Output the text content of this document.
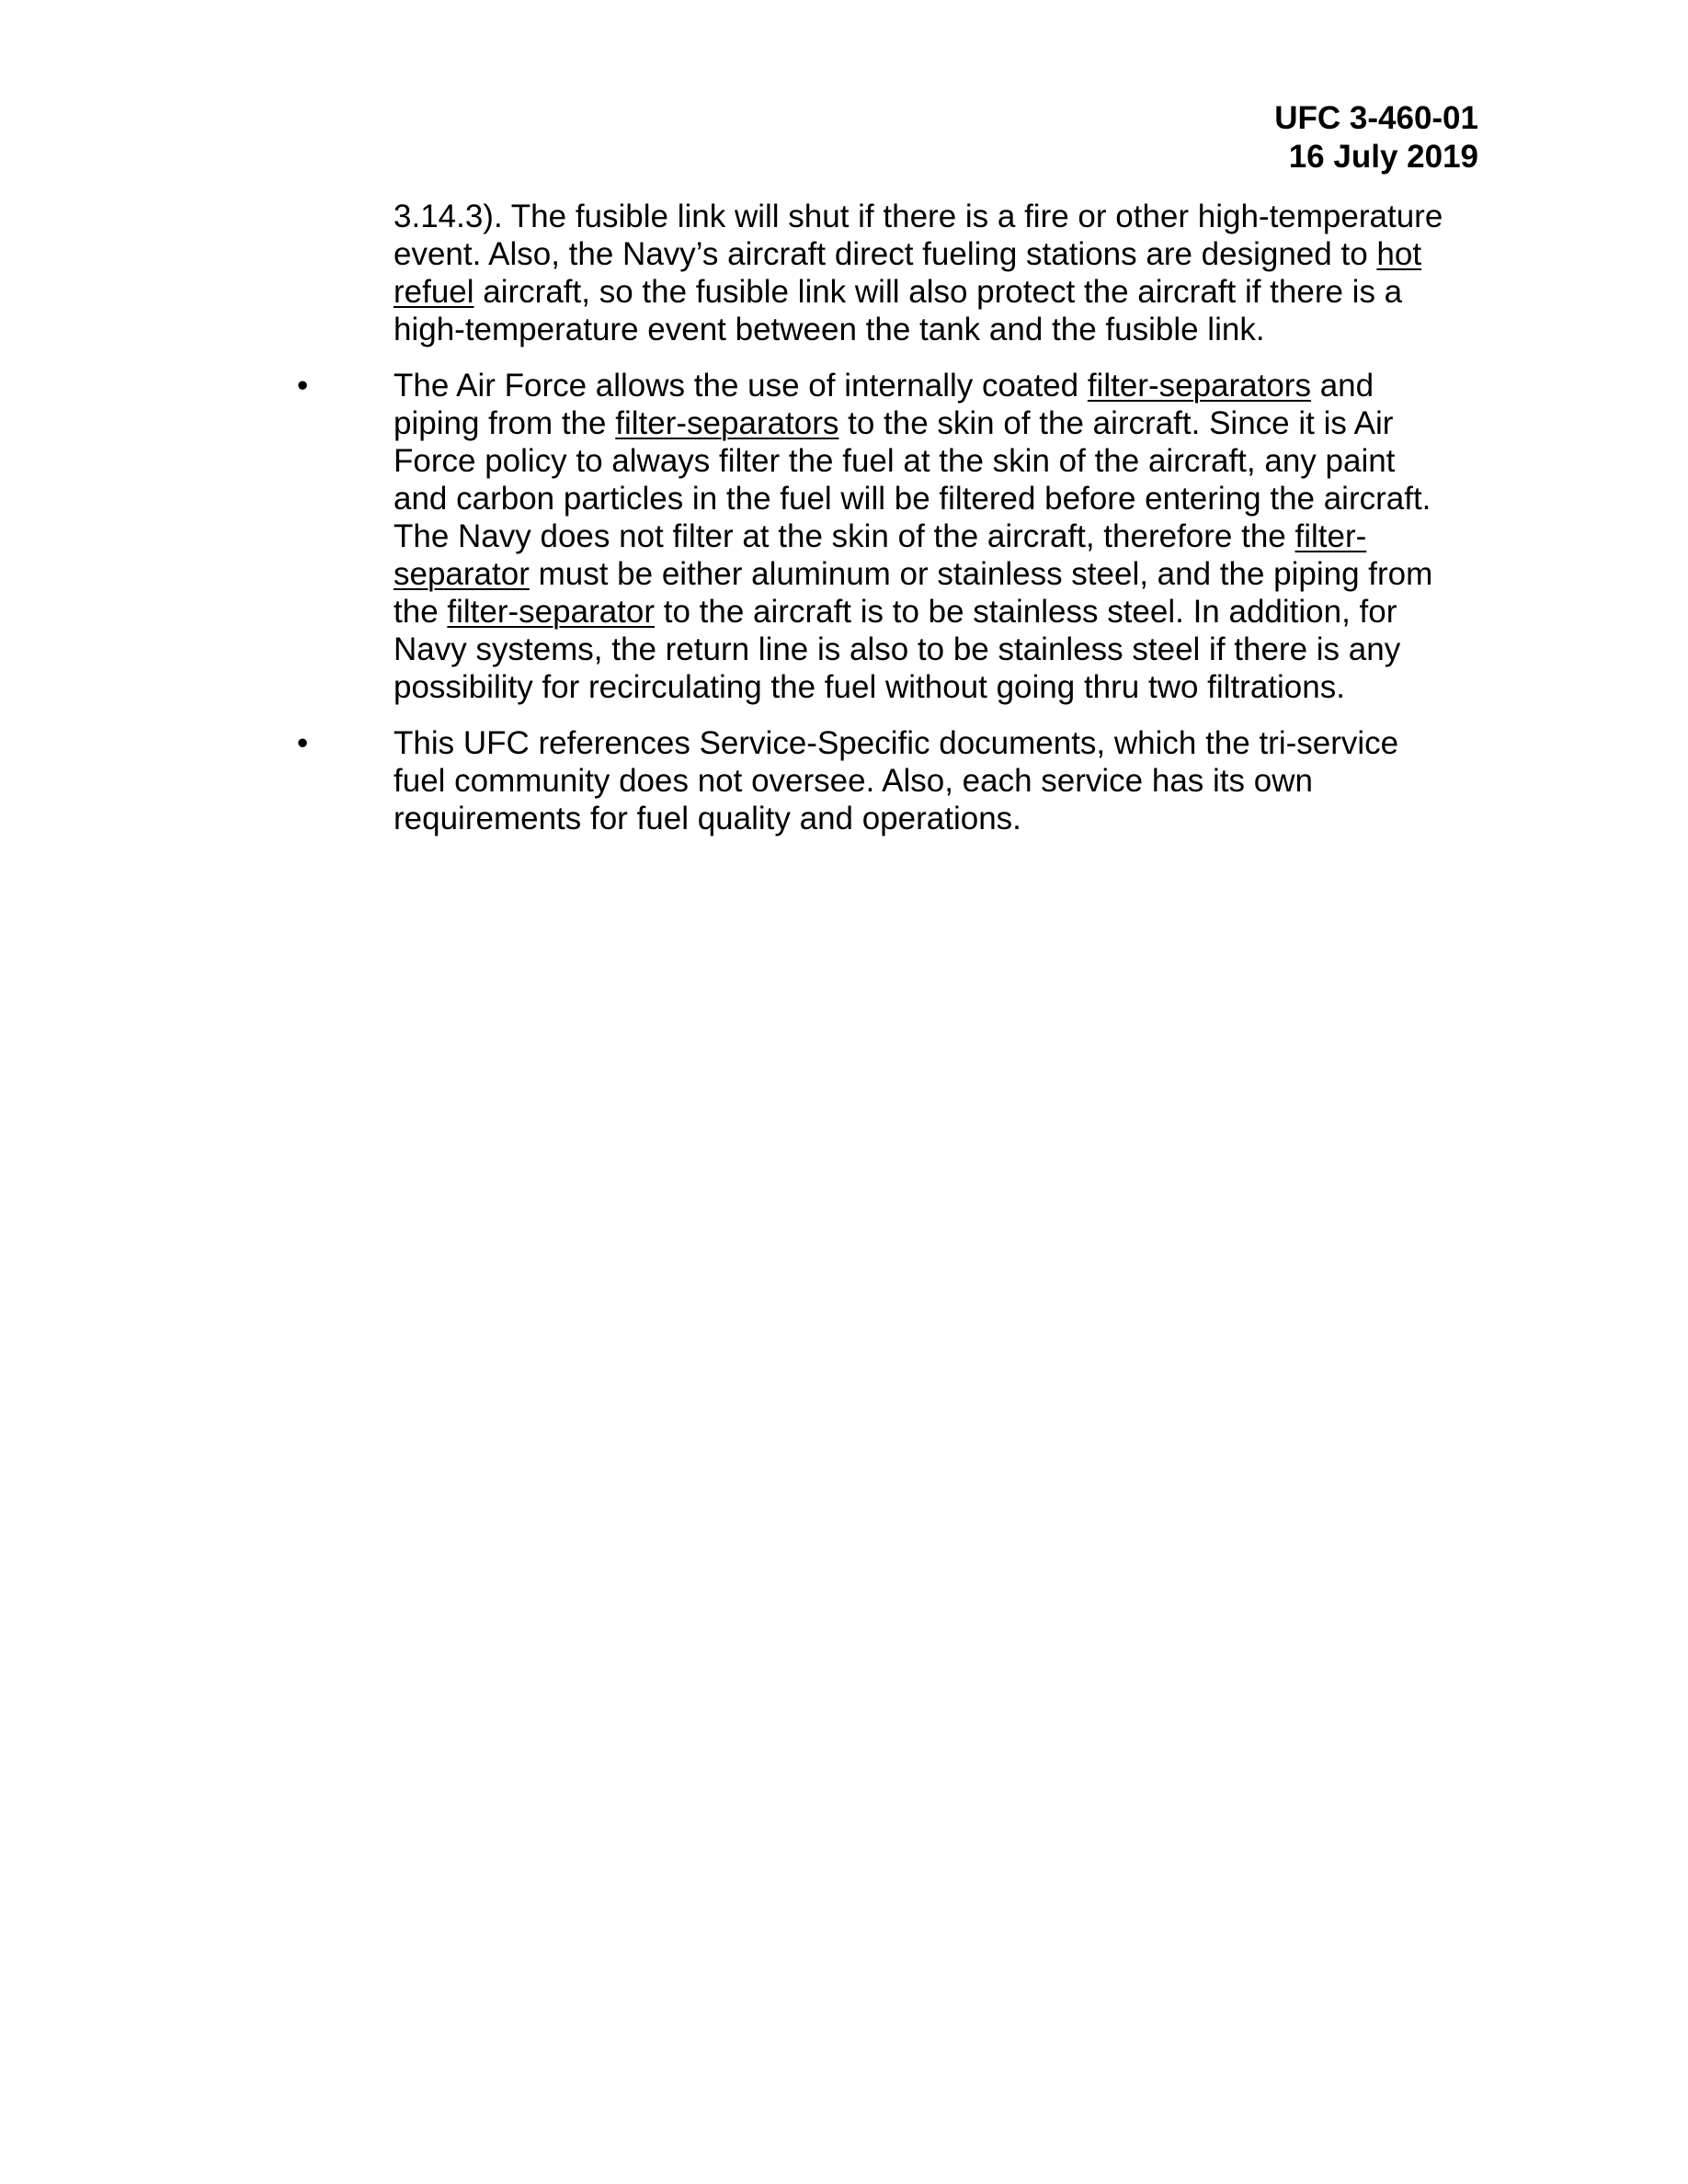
UFC 3-460-01
16 July 2019
3.14.3). The fusible link will shut if there is a fire or other high-temperature
event. Also, the Navy’s aircraft direct fueling stations are designed to hot
refuel aircraft, so the fusible link will also protect the aircraft if there is a
high-temperature event between the tank and the fusible link.
•	The Air Force allows the use of internally coated filter-separators and
piping from the filter-separators to the skin of the aircraft. Since it is Air
Force policy to always filter the fuel at the skin of the aircraft, any paint
and carbon particles in the fuel will be filtered before entering the aircraft.
The Navy does not filter at the skin of the aircraft, therefore the filter-
separator must be either aluminum or stainless steel, and the piping from
the filter-separator to the aircraft is to be stainless steel. In addition, for
Navy systems, the return line is also to be stainless steel if there is any
possibility for recirculating the fuel without going thru two filtrations.
•	This UFC references Service-Specific documents, which the tri-service
fuel community does not oversee. Also, each service has its own
requirements for fuel quality and operations.
